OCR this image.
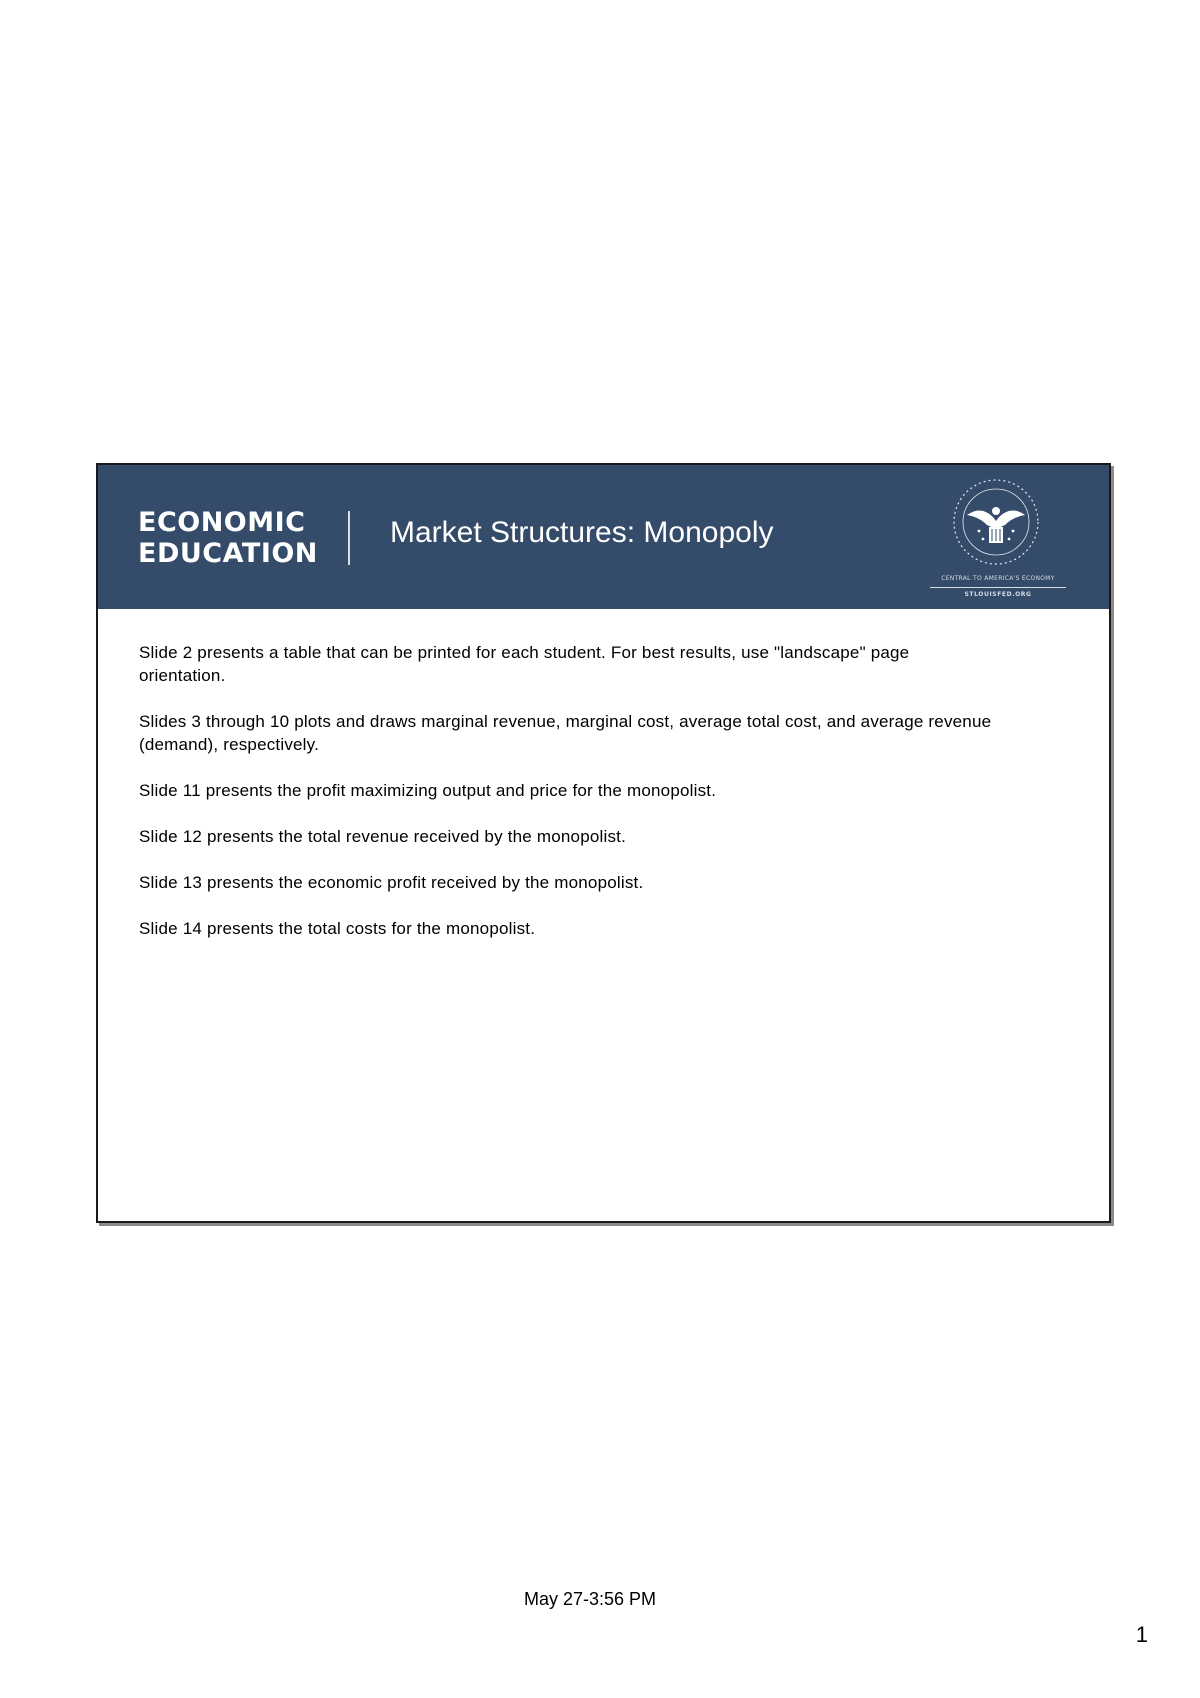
ECONOMIC
EDUCATION
Market Structures: Monopoly
CENTRAL TO AMERICA'S ECONOMY
STLOUISFED.ORG

Slide 2 presents a table that can be printed for each student. For best results, use "landscape" page orientation.

Slides 3 through 10 plots and draws marginal revenue, marginal cost, average total cost, and average revenue (demand), respectively.

Slide 11 presents the profit maximizing output and price for the monopolist.

Slide 12 presents the total revenue received by the monopolist.

Slide 13 presents the economic profit received by the monopolist.

Slide 14 presents the total costs for the monopolist.

May 27-3:56 PM
1
